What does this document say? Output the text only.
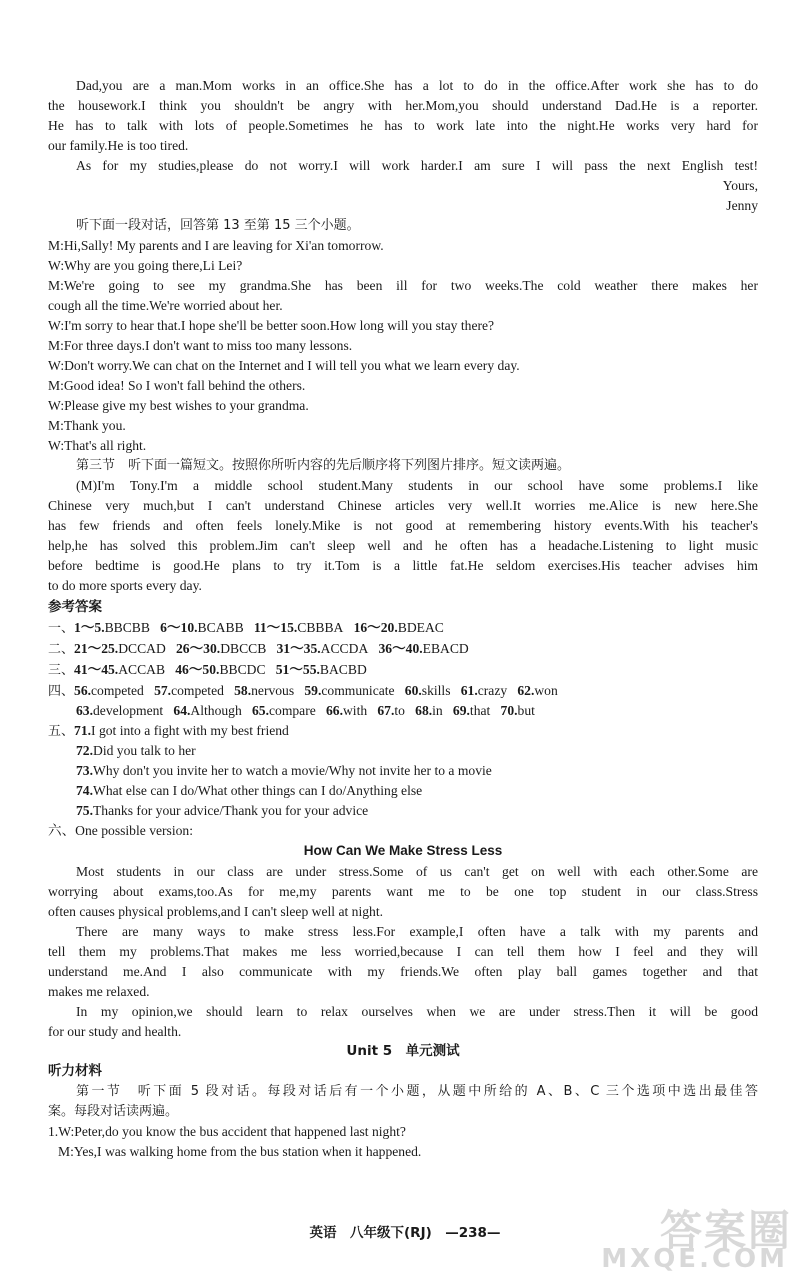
Dad,you are a man.Mom works in an office.She has a lot to do in the office.After work she has to do
the housework.I think you shouldn't be angry with her.Mom,you should understand Dad.He is a reporter.
He has to talk with lots of people.Sometimes he has to work late into the night.He works very hard for
our family.He is too tired.
As for my studies,please do not worry.I will work harder.I am sure I will pass the next English test!
Yours,
Jenny
听下面一段对话，回答第 13 至第 15 三个小题。
M:Hi,Sally! My parents and I are leaving for Xi'an tomorrow.
W:Why are you going there,Li Lei?
M:We're going to see my grandma.She has been ill for two weeks.The cold weather there makes her
cough all the time.We're worried about her.
W:I'm sorry to hear that.I hope she'll be better soon.How long will you stay there?
M:For three days.I don't want to miss too many lessons.
W:Don't worry.We can chat on the Internet and I will tell you what we learn every day.
M:Good idea! So I won't fall behind the others.
W:Please give my best wishes to your grandma.
M:Thank you.
W:That's all right.
第三节　听下面一篇短文。按照你所听内容的先后顺序将下列图片排序。短文读两遍。
(M)I'm Tony.I'm a middle school student.Many students in our school have some problems.I like
Chinese very much,but I can't understand Chinese articles very well.It worries me.Alice is new here.She
has few friends and often feels lonely.Mike is not good at remembering history events.With his teacher's
help,he has solved this problem.Jim can't sleep well and he often has a headache.Listening to light music
before bedtime is good.He plans to try it.Tom is a little fat.He seldom exercises.His teacher advises him
to do more sports every day.
参考答案
一、1～5.BBCBB 6～10.BCABB 11～15.CBBBA 16～20.BDEAC
二、21～25.DCCAD 26～30.DBCCB 31～35.ACCDA 36～40.EBACD
三、41～45.ACCAB 46～50.BBCDC 51～55.BACBD
四、56.competed 57.competed 58.nervous 59.communicate 60.skills 61.crazy 62.won
63.development 64.Although 65.compare 66.with 67.to 68.in 69.that 70.but
五、71.I got into a fight with my best friend
72.Did you talk to her
73.Why don't you invite her to watch a movie/Why not invite her to a movie
74.What else can I do/What other things can I do/Anything else
75.Thanks for your advice/Thank you for your advice
六、One possible version:
How Can We Make Stress Less
Most students in our class are under stress.Some of us can't get on well with each other.Some are
worrying about exams,too.As for me,my parents want me to be one top student in our class.Stress
often causes physical problems,and I can't sleep well at night.
There are many ways to make stress less.For example,I often have a talk with my parents and
tell them my problems.That makes me less worried,because I can tell them how I feel and they will
understand me.And I also communicate with my friends.We often play ball games together and that
makes me relaxed.
In my opinion,we should learn to relax ourselves when we are under stress.Then it will be good
for our study and health.
Unit 5　单元测试
听力材料
第一节　听下面 5 段对话。每段对话后有一个小题，从题中所给的 A、B、C 三个选项中选出最佳答
案。每段对话读两遍。
1.W:Peter,do you know the bus accident that happened last night?
M:Yes,I was walking home from the bus station when it happened.
英语　八年级下(RJ)　—238—	答案圈
MXQE.COM
